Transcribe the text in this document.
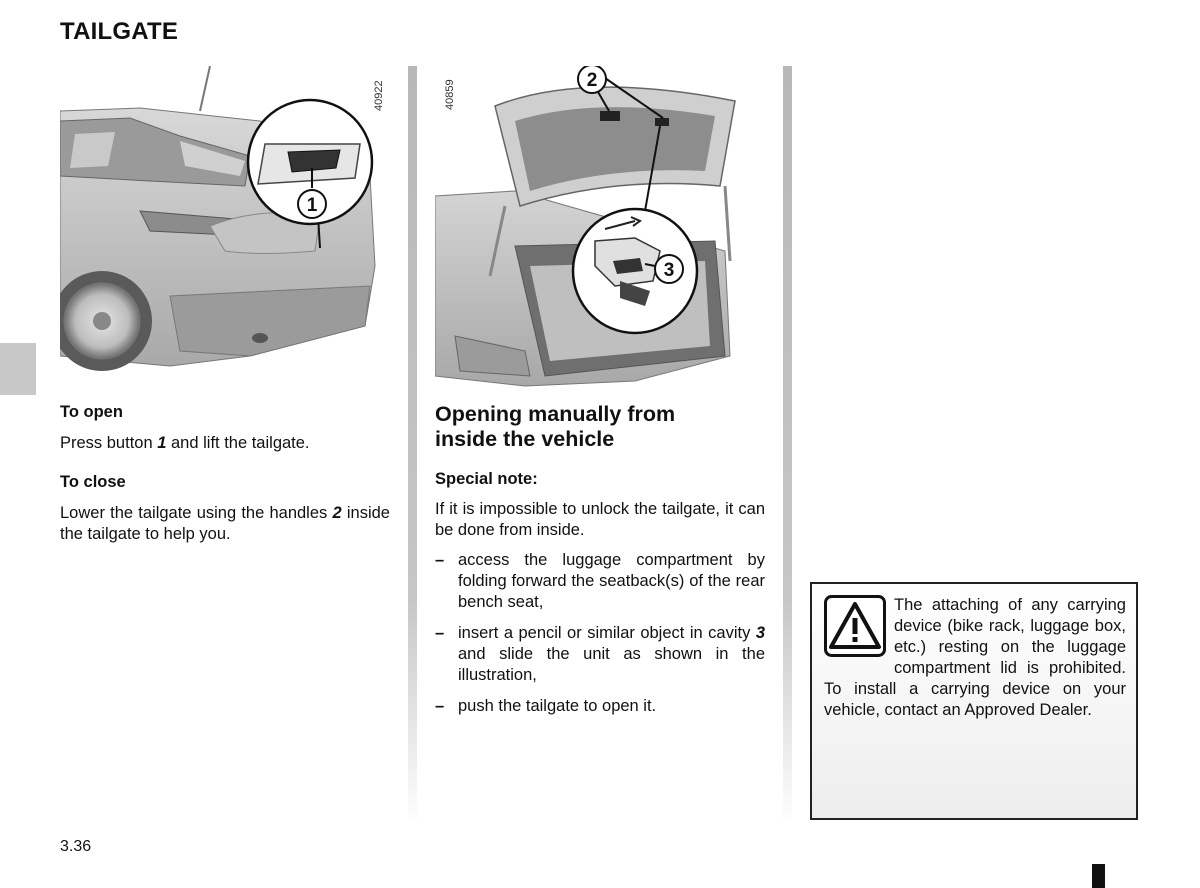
TAILGATE
1
40922	2
3
40859

To open

Press button 1 and lift the tailgate.

To close

Lower the tailgate using the handles 2 inside the tailgate to help you.

Opening manually from inside the vehicle

Special note:

If it is impossible to unlock the tailgate, it can be done from inside.

– access the luggage compartment by folding forward the seatback(s) of the rear bench seat,
– insert a pencil or similar object in cavity 3 and slide the unit as shown in the illustration,
– push the tailgate to open it.
The attaching of any carrying device (bike rack, luggage box, etc.) resting on the luggage compartment lid is prohibited. To install a carrying device on your vehicle, contact an Approved Dealer.
3.36
